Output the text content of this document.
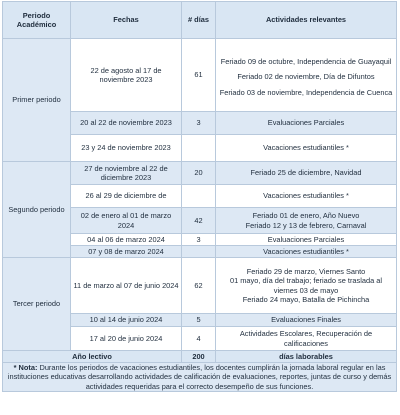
Periodo Académico	Fechas	# días	Actividades relevantes
Primer periodo	22 de agosto al 17 de noviembre 2023	61	Feriado 09 de octubre, Independencia de Guayaquil
Feriado 02 de noviembre, Día de Difuntos
Feriado 03 de noviembre, Independencia de Cuenca

	20 al 22 de noviembre 2023	3	Evaluaciones Parciales
	23 y 24 de noviembre 2023		Vacaciones estudiantiles *
Segundo periodo	27 de noviembre al 22 de diciembre 2023	20	Feriado 25 de diciembre, Navidad
	26 al 29 de diciembre de		Vacaciones estudiantiles *
	02 de enero al 01 de marzo 2024	42	Feriado 01 de enero, Año Nuevo
Feriado 12 y 13 de febrero, Carnaval

	04 al 06 de marzo 2024	3	Evaluaciones Parciales
	07 y 08 de marzo 2024		Vacaciones estudiantiles *
Tercer periodo	11 de marzo al 07 de junio 2024	62	Feriado 29 de marzo, Viernes Santo
01 mayo, día del trabajo; feriado se traslada al viernes 03 de mayo
Feriado 24 mayo, Batalla de Pichincha

	10 al 14 de junio 2024	5	Evaluaciones Finales
	17 al 20 de junio 2024	4	Actividades Escolares, Recuperación de calificaciones
Año lectivo		200	días laborables
* Nota: Durante los periodos de vacaciones estudiantiles, los docentes cumplirán la jornada laboral regular en las instituciones educativas desarrollando actividades de calificación de evaluaciones, reportes, juntas de curso y demás actividades requeridas para el correcto desempeño de sus funciones.			
